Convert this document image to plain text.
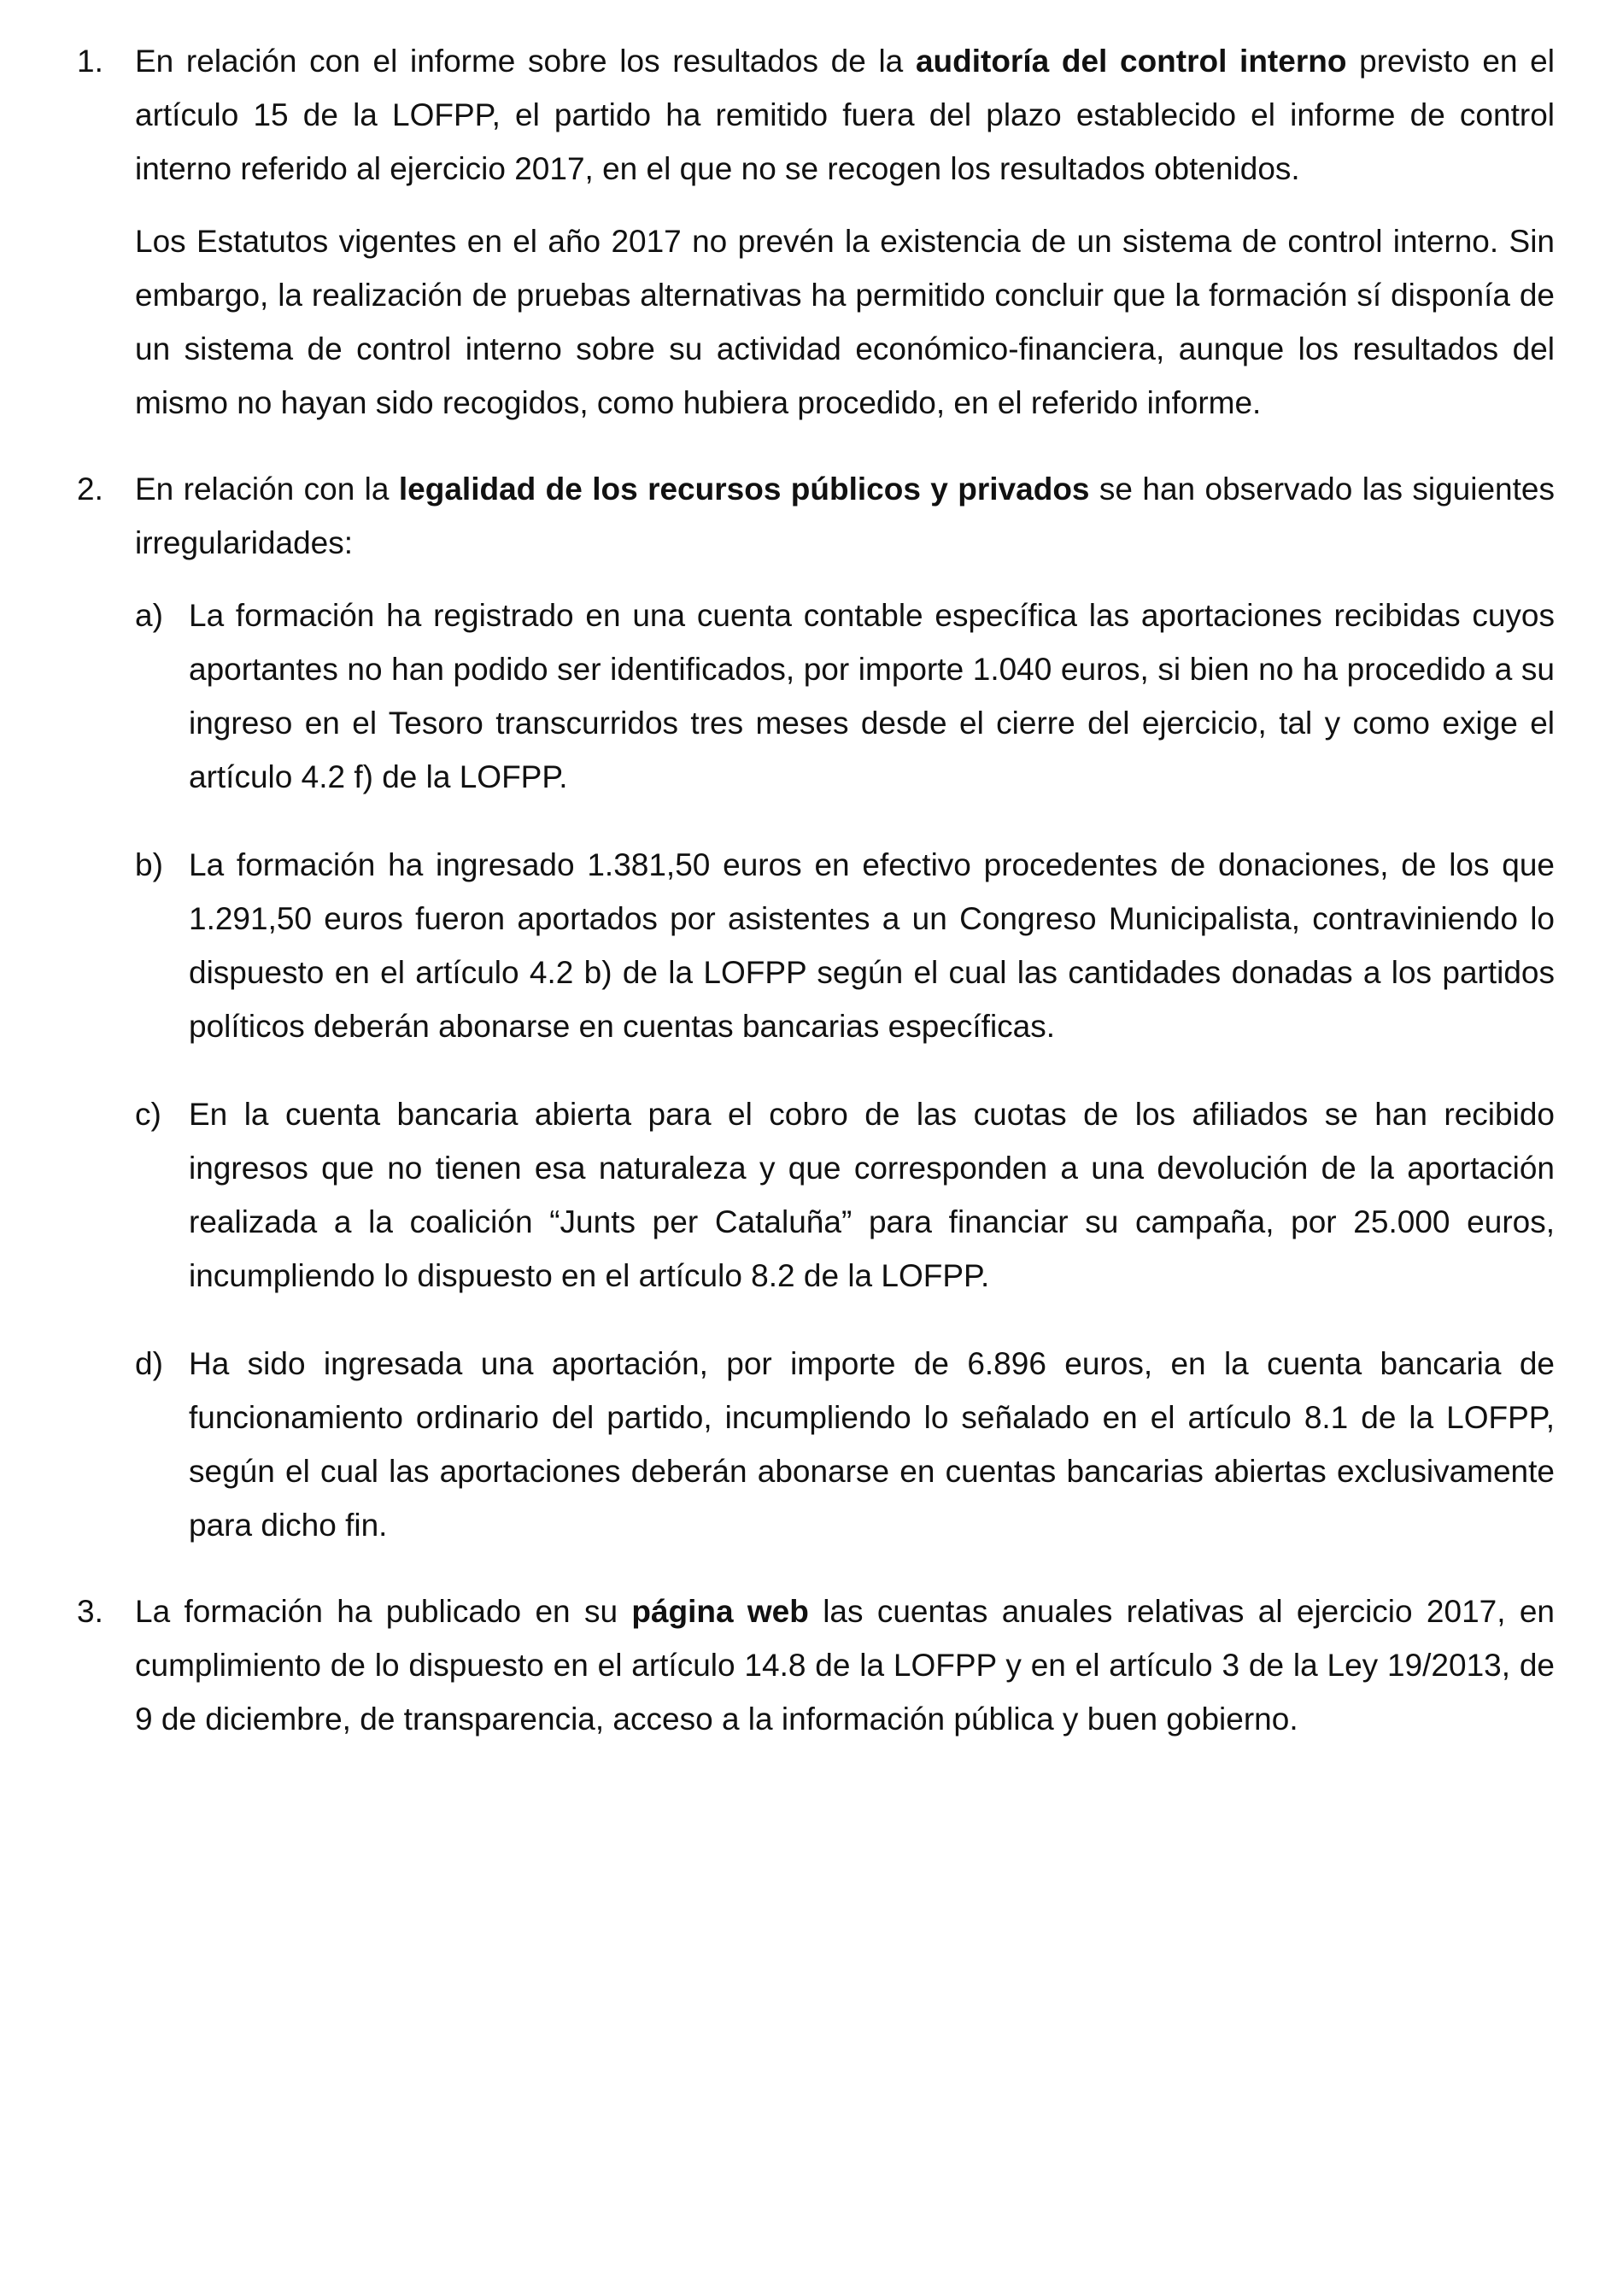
1. En relación con el informe sobre los resultados de la auditoría del control interno previsto en el artículo 15 de la LOFPP, el partido ha remitido fuera del plazo establecido el informe de control interno referido al ejercicio 2017, en el que no se recogen los resultados obtenidos.

Los Estatutos vigentes en el año 2017 no prevén la existencia de un sistema de control interno. Sin embargo, la realización de pruebas alternativas ha permitido concluir que la formación sí disponía de un sistema de control interno sobre su actividad económico-financiera, aunque los resultados del mismo no hayan sido recogidos, como hubiera procedido, en el referido informe.

2. En relación con la legalidad de los recursos públicos y privados se han observado las siguientes irregularidades:

a) La formación ha registrado en una cuenta contable específica las aportaciones recibidas cuyos aportantes no han podido ser identificados, por importe 1.040 euros, si bien no ha procedido a su ingreso en el Tesoro transcurridos tres meses desde el cierre del ejercicio, tal y como exige el artículo 4.2 f) de la LOFPP.

b) La formación ha ingresado 1.381,50 euros en efectivo procedentes de donaciones, de los que 1.291,50 euros fueron aportados por asistentes a un Congreso Municipalista, contraviniendo lo dispuesto en el artículo 4.2 b) de la LOFPP según el cual las cantidades donadas a los partidos políticos deberán abonarse en cuentas bancarias específicas.

c) En la cuenta bancaria abierta para el cobro de las cuotas de los afiliados se han recibido ingresos que no tienen esa naturaleza y que corresponden a una devolución de la aportación realizada a la coalición “Junts per Cataluña” para financiar su campaña, por 25.000 euros, incumpliendo lo dispuesto en el artículo 8.2 de la LOFPP.

d) Ha sido ingresada una aportación, por importe de 6.896 euros, en la cuenta bancaria de funcionamiento ordinario del partido, incumpliendo lo señalado en el artículo 8.1 de la LOFPP, según el cual las aportaciones deberán abonarse en cuentas bancarias abiertas exclusivamente para dicho fin.

3. La formación ha publicado en su página web las cuentas anuales relativas al ejercicio 2017, en cumplimiento de lo dispuesto en el artículo 14.8 de la LOFPP y en el artículo 3 de la Ley 19/2013, de 9 de diciembre, de transparencia, acceso a la información pública y buen gobierno.
